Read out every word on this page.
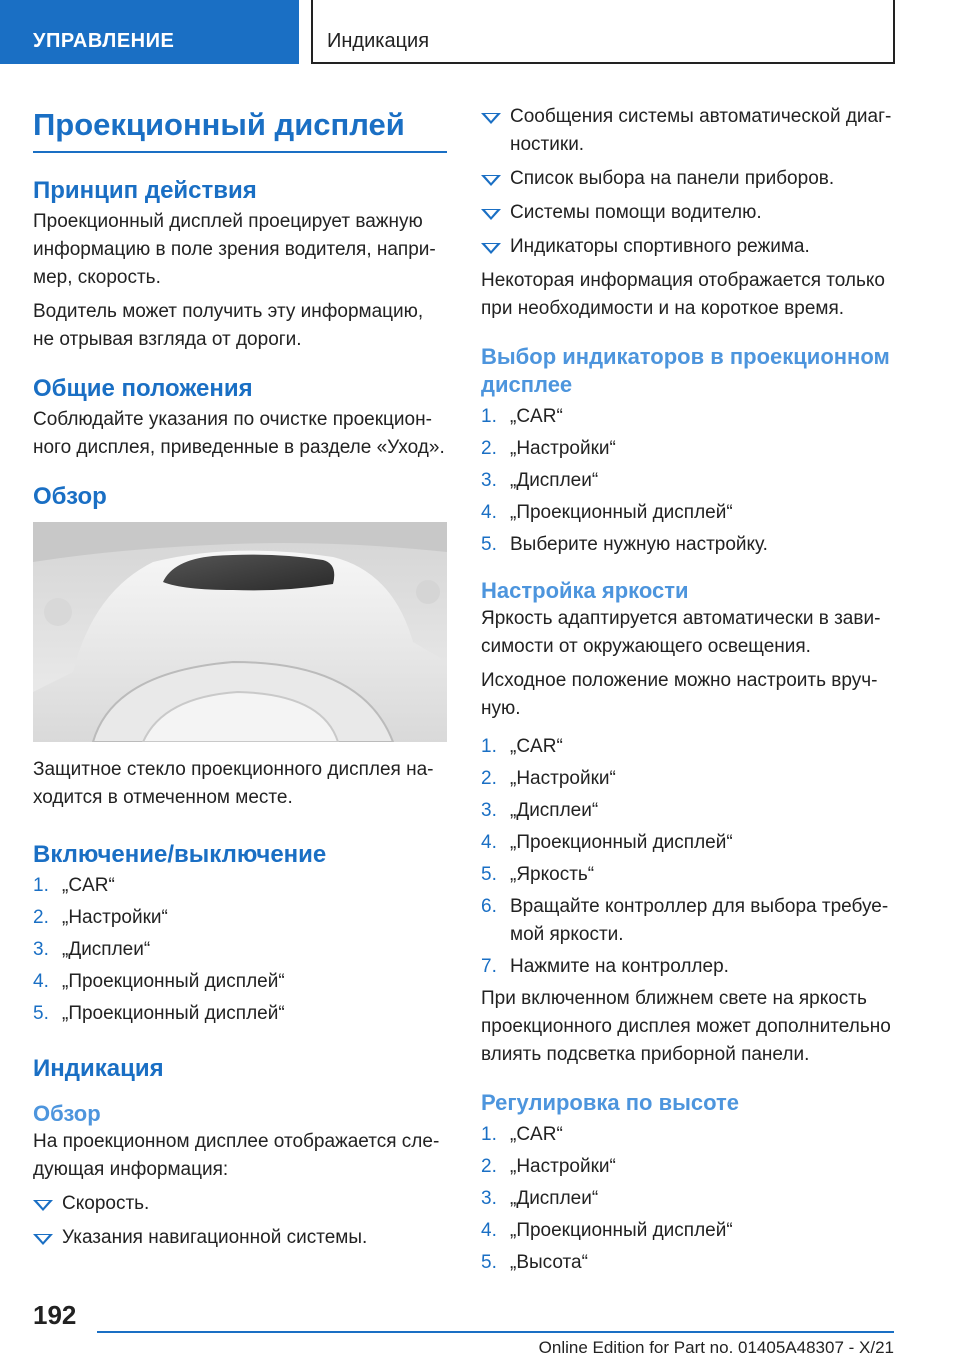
УПРАВЛЕНИЕ	Индикация
Проекционный дисплей
Принцип действия
Проекционный дисплей проецирует важную информацию в поле зрения водителя, например, скорость.
Водитель может получить эту информацию, не отрывая взгляда от дороги.
Общие положения
Соблюдайте указания по очистке проекционного дисплея, приведенные в разделе «Уход».
Обзор
Защитное стекло проекционного дисплея находится в отмеченном месте.
Включение/выключение
1. „CAR“
2. „Настройки“
3. „Дисплеи“
4. „Проекционный дисплей“
5. „Проекционный дисплей“
Индикация
Обзор
На проекционном дисплее отображается следующая информация:
Скорость.
Указания навигационной системы.
Сообщения системы автоматической диагностики.
Список выбора на панели приборов.
Системы помощи водителю.
Индикаторы спортивного режима.
Некоторая информация отображается только при необходимости и на короткое время.
Выбор индикаторов в проекционном дисплее
1. „CAR“
2. „Настройки“
3. „Дисплеи“
4. „Проекционный дисплей“
5. Выберите нужную настройку.
Настройка яркости
Яркость адаптируется автоматически в зависимости от окружающего освещения.
Исходное положение можно настроить вручную.
1. „CAR“
2. „Настройки“
3. „Дисплеи“
4. „Проекционный дисплей“
5. „Яркость“
6. Вращайте контроллер для выбора требуемой яркости.
7. Нажмите на контроллер.
При включенном ближнем свете на яркость проекционного дисплея может дополнительно влиять подсветка приборной панели.
Регулировка по высоте
1. „CAR“
2. „Настройки“
3. „Дисплеи“
4. „Проекционный дисплей“
5. „Высота“
192
Online Edition for Part no. 01405A48307 - X/21
